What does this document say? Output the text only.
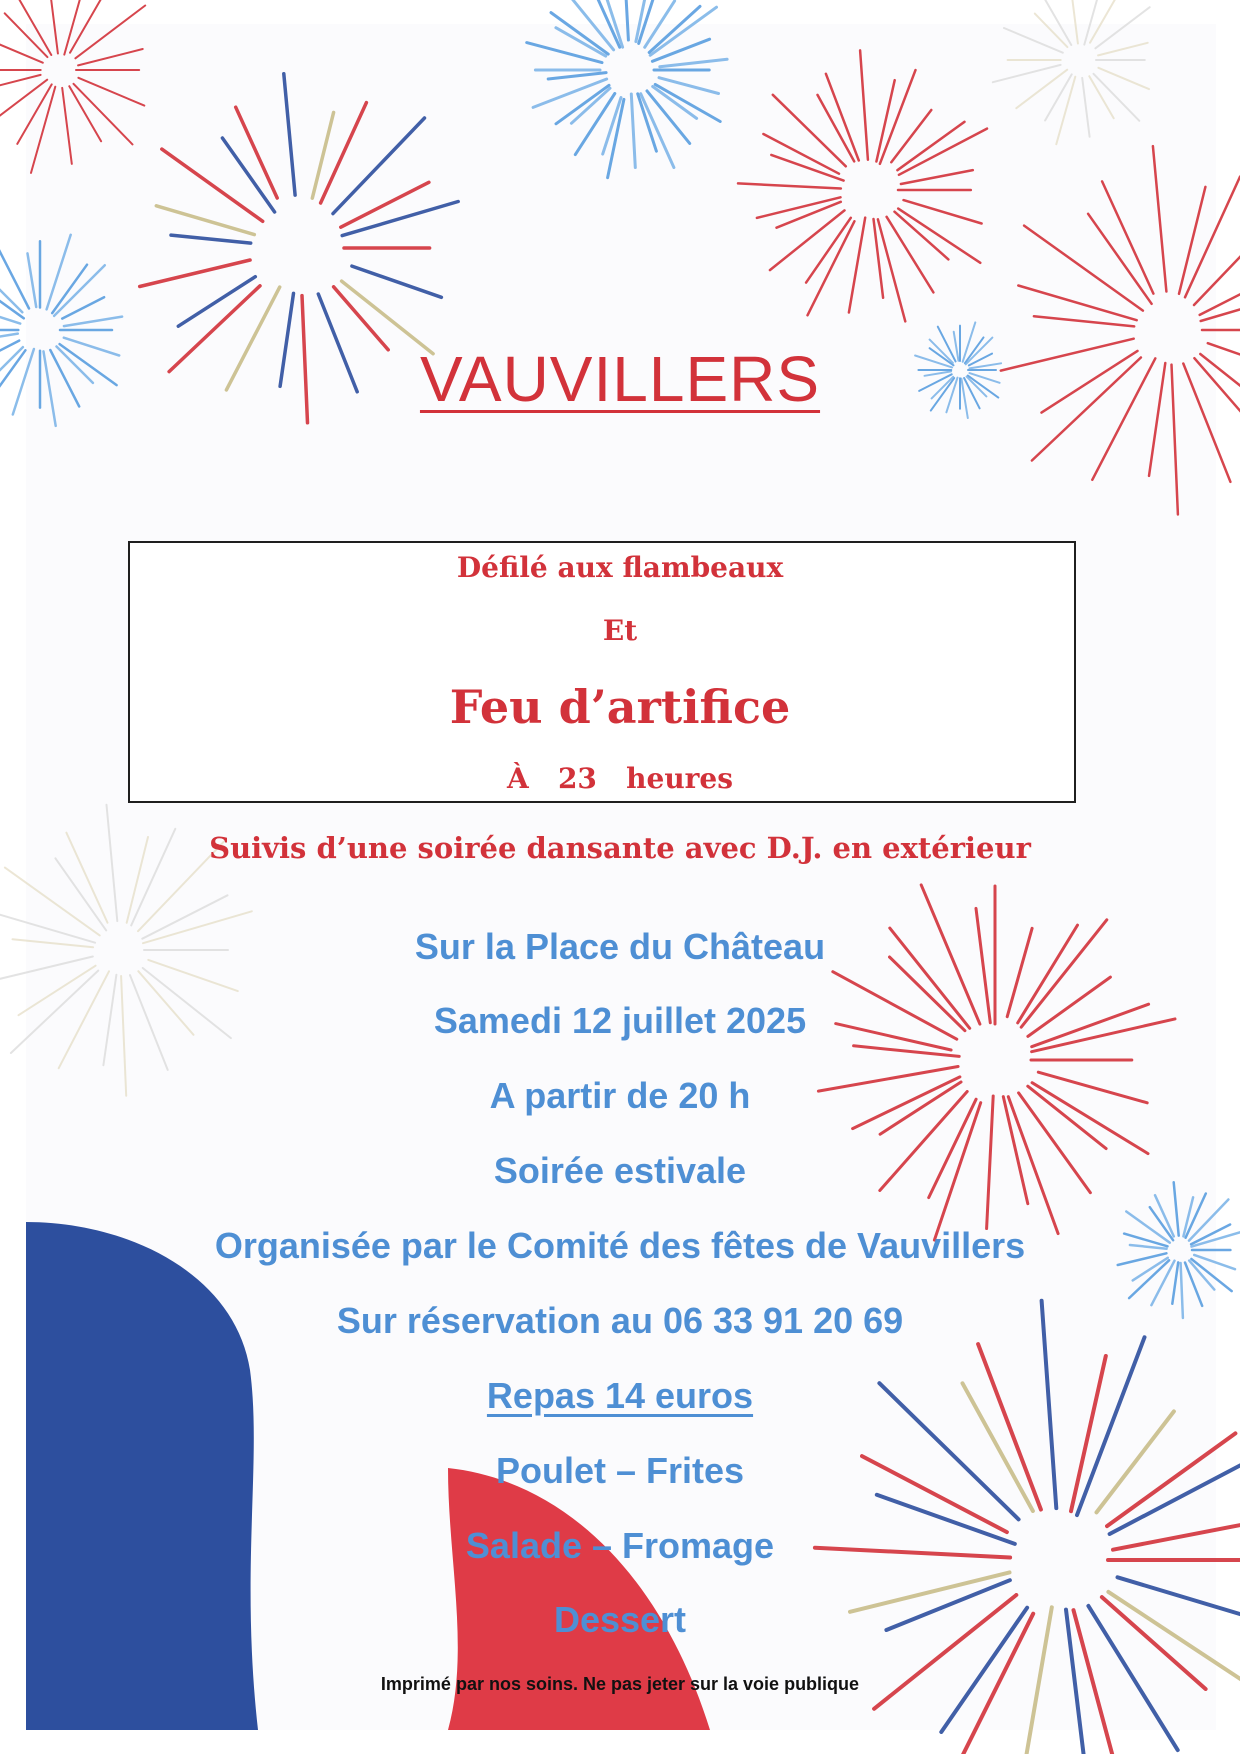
VAUVILLERS
Défilé aux flambeaux
Et
Feu d’artifice
À   23   heures
Suivis d’une soirée dansante avec D.J. en extérieur
Sur la Place du Château
Samedi 12 juillet 2025
A partir de 20 h
Soirée estivale
Organisée par le Comité des fêtes de Vauvillers
Sur réservation au 06 33 91 20 69
Repas 14 euros
Poulet – Frites
Salade – Fromage
Dessert
Imprimé par nos soins. Ne pas jeter sur la voie publique
